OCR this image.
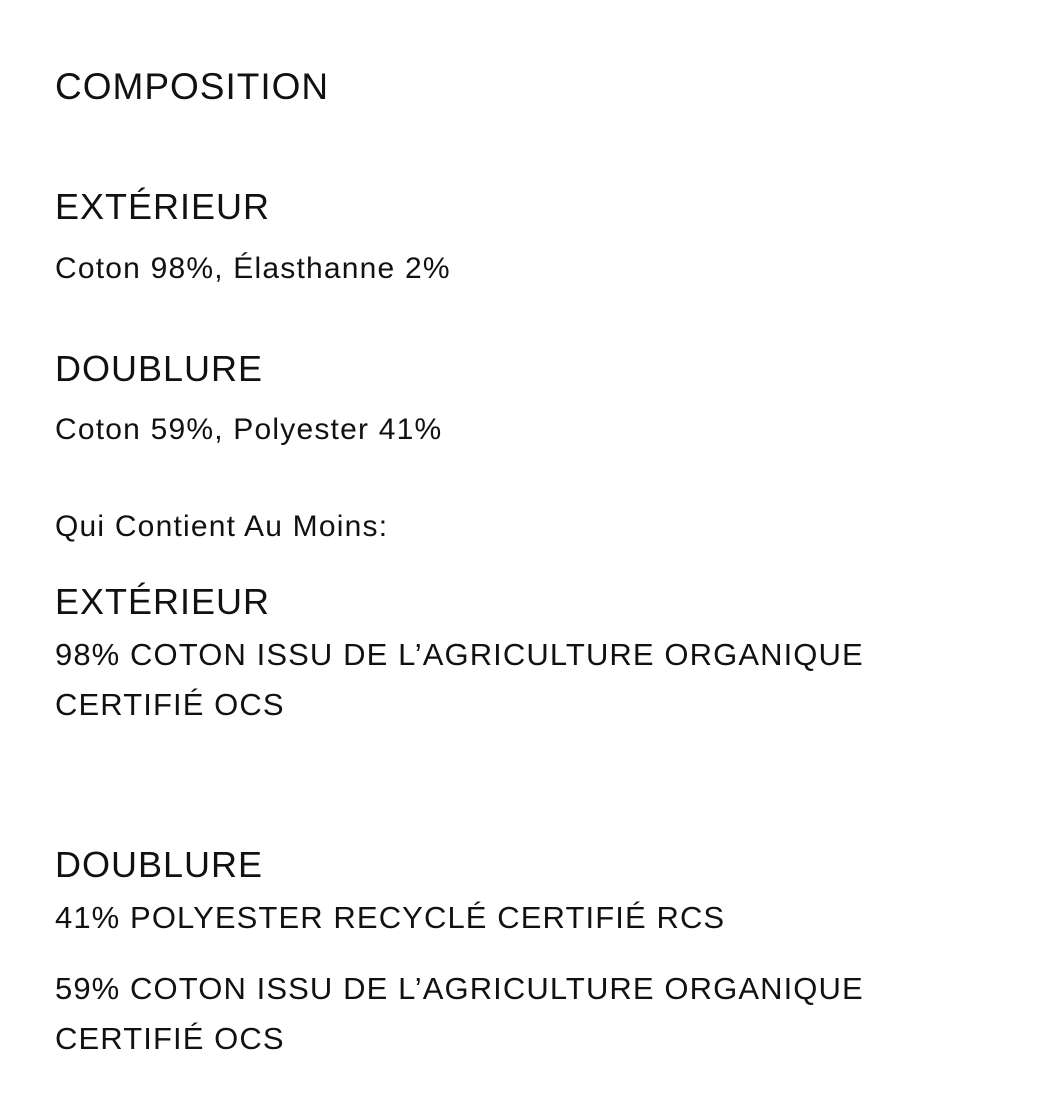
COMPOSITION
EXTÉRIEUR
Coton 98%, Élasthanne 2%
DOUBLURE
Coton 59%, Polyester 41%
Qui Contient Au Moins:
EXTÉRIEUR
98% COTON ISSU DE L’AGRICULTURE ORGANIQUE
CERTIFIÉ OCS
DOUBLURE
41% POLYESTER RECYCLÉ CERTIFIÉ RCS
59% COTON ISSU DE L’AGRICULTURE ORGANIQUE
CERTIFIÉ OCS
